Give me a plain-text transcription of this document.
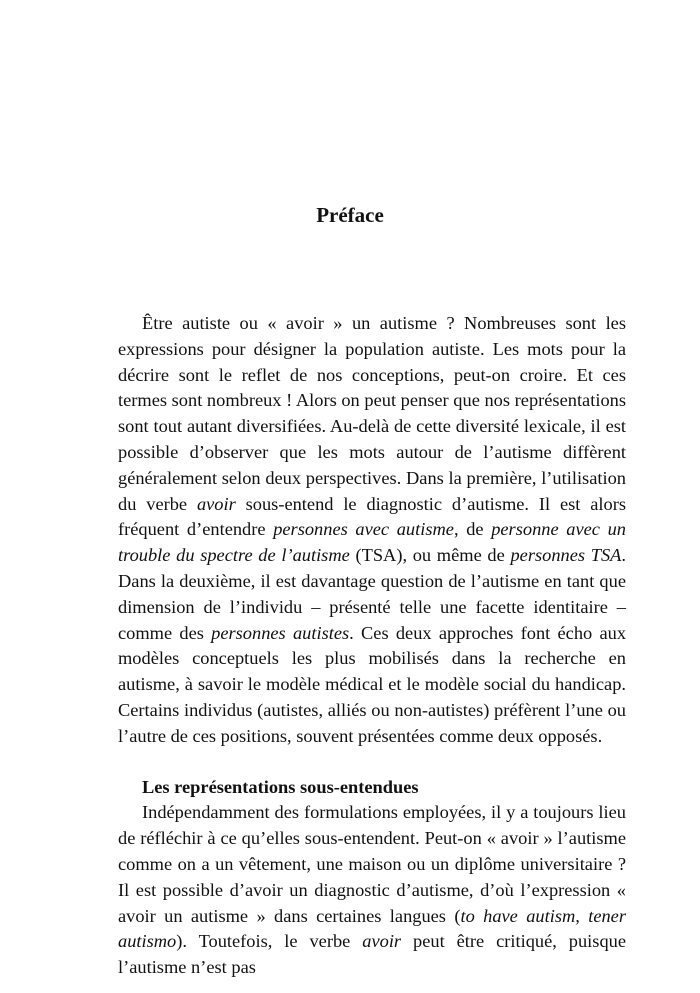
Préface

Être autiste ou « avoir » un autisme ? Nombreuses sont les expressions pour désigner la population autiste. Les mots pour la décrire sont le reflet de nos conceptions, peut-on croire. Et ces termes sont nombreux ! Alors on peut penser que nos représentations sont tout autant diversifiées. Au-delà de cette diversité lexicale, il est possible d’observer que les mots autour de l’autisme diffèrent généralement selon deux perspectives. Dans la première, l’utilisation du verbe avoir sous-entend le diagnostic d’autisme. Il est alors fréquent d’entendre personnes avec autisme, de personne avec un trouble du spectre de l’autisme (TSA), ou même de personnes TSA. Dans la deuxième, il est davantage question de l’autisme en tant que dimension de l’individu – présenté telle une facette identitaire – comme des personnes autistes. Ces deux approches font écho aux modèles conceptuels les plus mobilisés dans la recherche en autisme, à savoir le modèle médical et le modèle social du handicap. Certains individus (autistes, alliés ou non-autistes) préfèrent l’une ou l’autre de ces positions, souvent présentées comme deux opposés.

Les représentations sous-entendues

Indépendamment des formulations employées, il y a toujours lieu de réfléchir à ce qu’elles sous-entendent. Peut-on « avoir » l’autisme comme on a un vêtement, une maison ou un diplôme universitaire ? Il est possible d’avoir un diagnostic d’autisme, d’où l’expression « avoir un autisme » dans certaines langues (to have autism, tener autismo). Toutefois, le verbe avoir peut être critiqué, puisque l’autisme n’est pas
